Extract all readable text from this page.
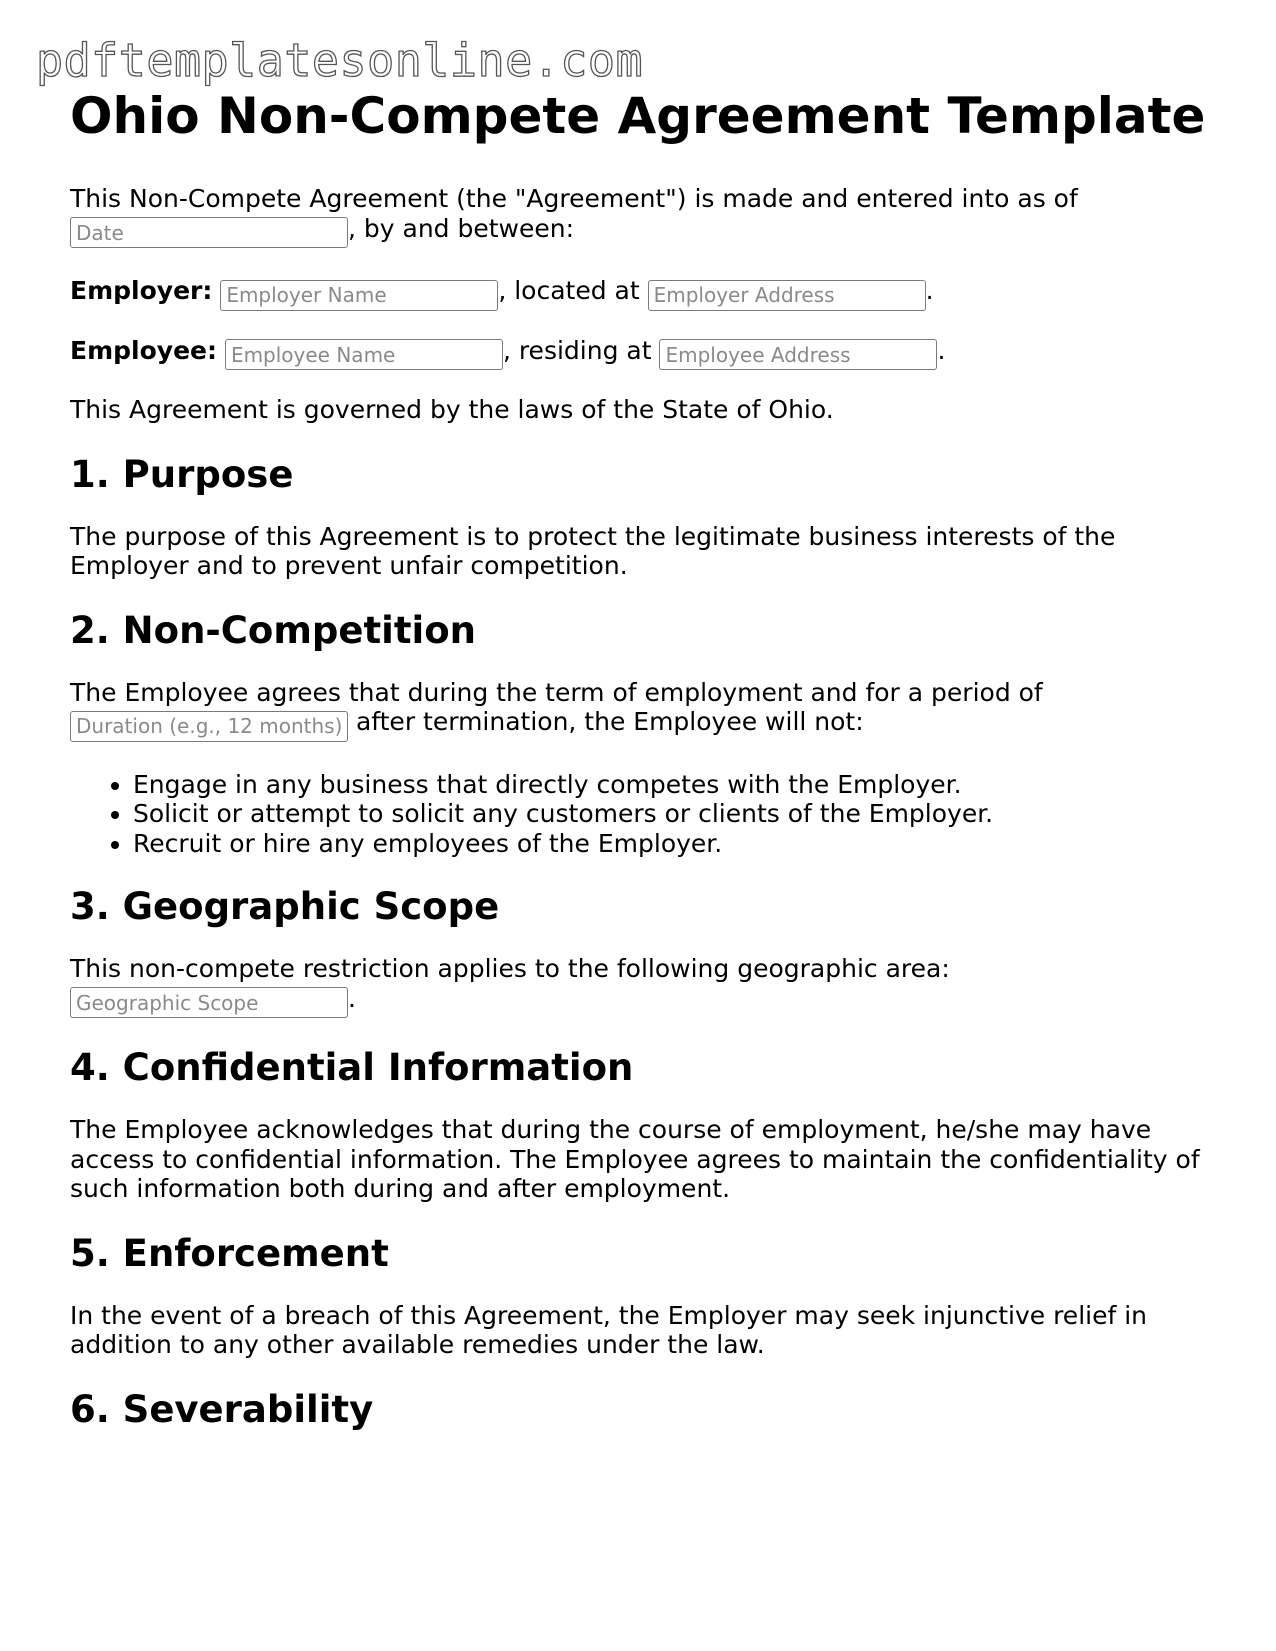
pdftemplatesonline.com
Ohio Non-Compete Agreement Template

This Non-Compete Agreement (the "Agreement") is made and entered into as of
Date, by and between:

Employer: Employer Name	, located at Employer Address	.

Employee: Employee Name	, residing at Employee Address	.

This Agreement is governed by the laws of the State of Ohio.

1. Purpose

The purpose of this Agreement is to protect the legitimate business interests of the Employer and to prevent unfair competition.

2. Non-Competition

The Employee agrees that during the term of employment and for a period of
Duration (e.g., 12 months) after termination, the Employee will not:

• Engage in any business that directly competes with the Employer.
• Solicit or attempt to solicit any customers or clients of the Employer.
• Recruit or hire any employees of the Employer.
3. Geographic Scope

This non-compete restriction applies to the following geographic area:
Geographic Scope.

4. Confidential Information

The Employee acknowledges that during the course of employment, he/she may have access to confidential information. The Employee agrees to maintain the confidentiality of such information both during and after employment.

5. Enforcement

In the event of a breach of this Agreement, the Employer may seek injunctive relief in addition to any other available remedies under the law.

6. Severability
